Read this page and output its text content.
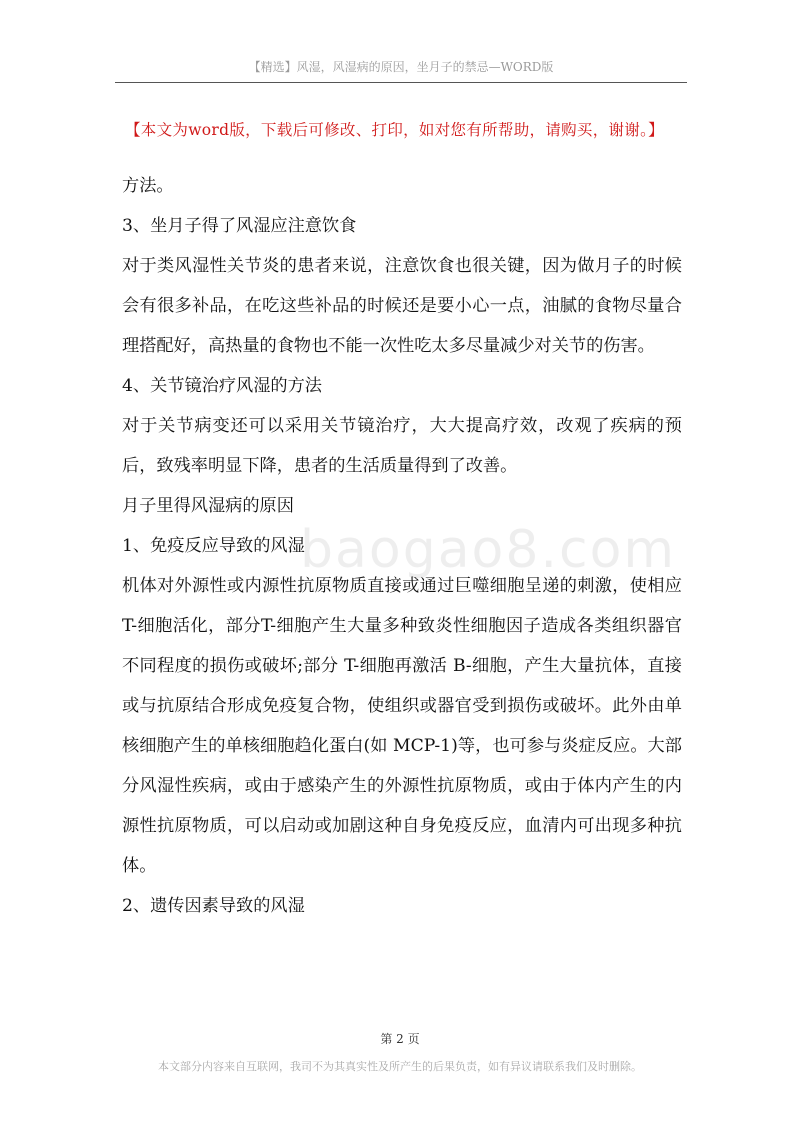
【精选】风湿，风湿病的原因，坐月子的禁忌—WORD版
【本文为word版，下载后可修改、打印，如对您有所帮助，请购买，谢谢。】
baogao8.com

方法。

3、坐月子得了风湿应注意饮食

对于类风湿性关节炎的患者来说，注意饮食也很关键，因为做月子的时候会有很多补品，在吃这些补品的时候还是要小心一点，油腻的食物尽量合理搭配好，高热量的食物也不能一次性吃太多尽量减少对关节的伤害。

4、关节镜治疗风湿的方法

对于关节病变还可以采用关节镜治疗，大大提高疗效，改观了疾病的预后，致残率明显下降，患者的生活质量得到了改善。

月子里得风湿病的原因

1、免疫反应导致的风湿

机体对外源性或内源性抗原物质直接或通过巨噬细胞呈递的刺激，使相应T-细胞活化，部分T-细胞产生大量多种致炎性细胞因子造成各类组织器官不同程度的损伤或破坏;部分 T-细胞再激活 B-细胞，产生大量抗体，直接或与抗原结合形成免疫复合物，使组织或器官受到损伤或破坏。此外由单核细胞产生的单核细胞趋化蛋白(如 MCP-1)等，也可参与炎症反应。大部分风湿性疾病，或由于感染产生的外源性抗原物质，或由于体内产生的内源性抗原物质，可以启动或加剧这种自身免疫反应，血清内可出现多种抗体。

2、遗传因素导致的风湿

第 2 页
本文部分内容来自互联网，我司不为其真实性及所产生的后果负责，如有异议请联系我们及时删除。
